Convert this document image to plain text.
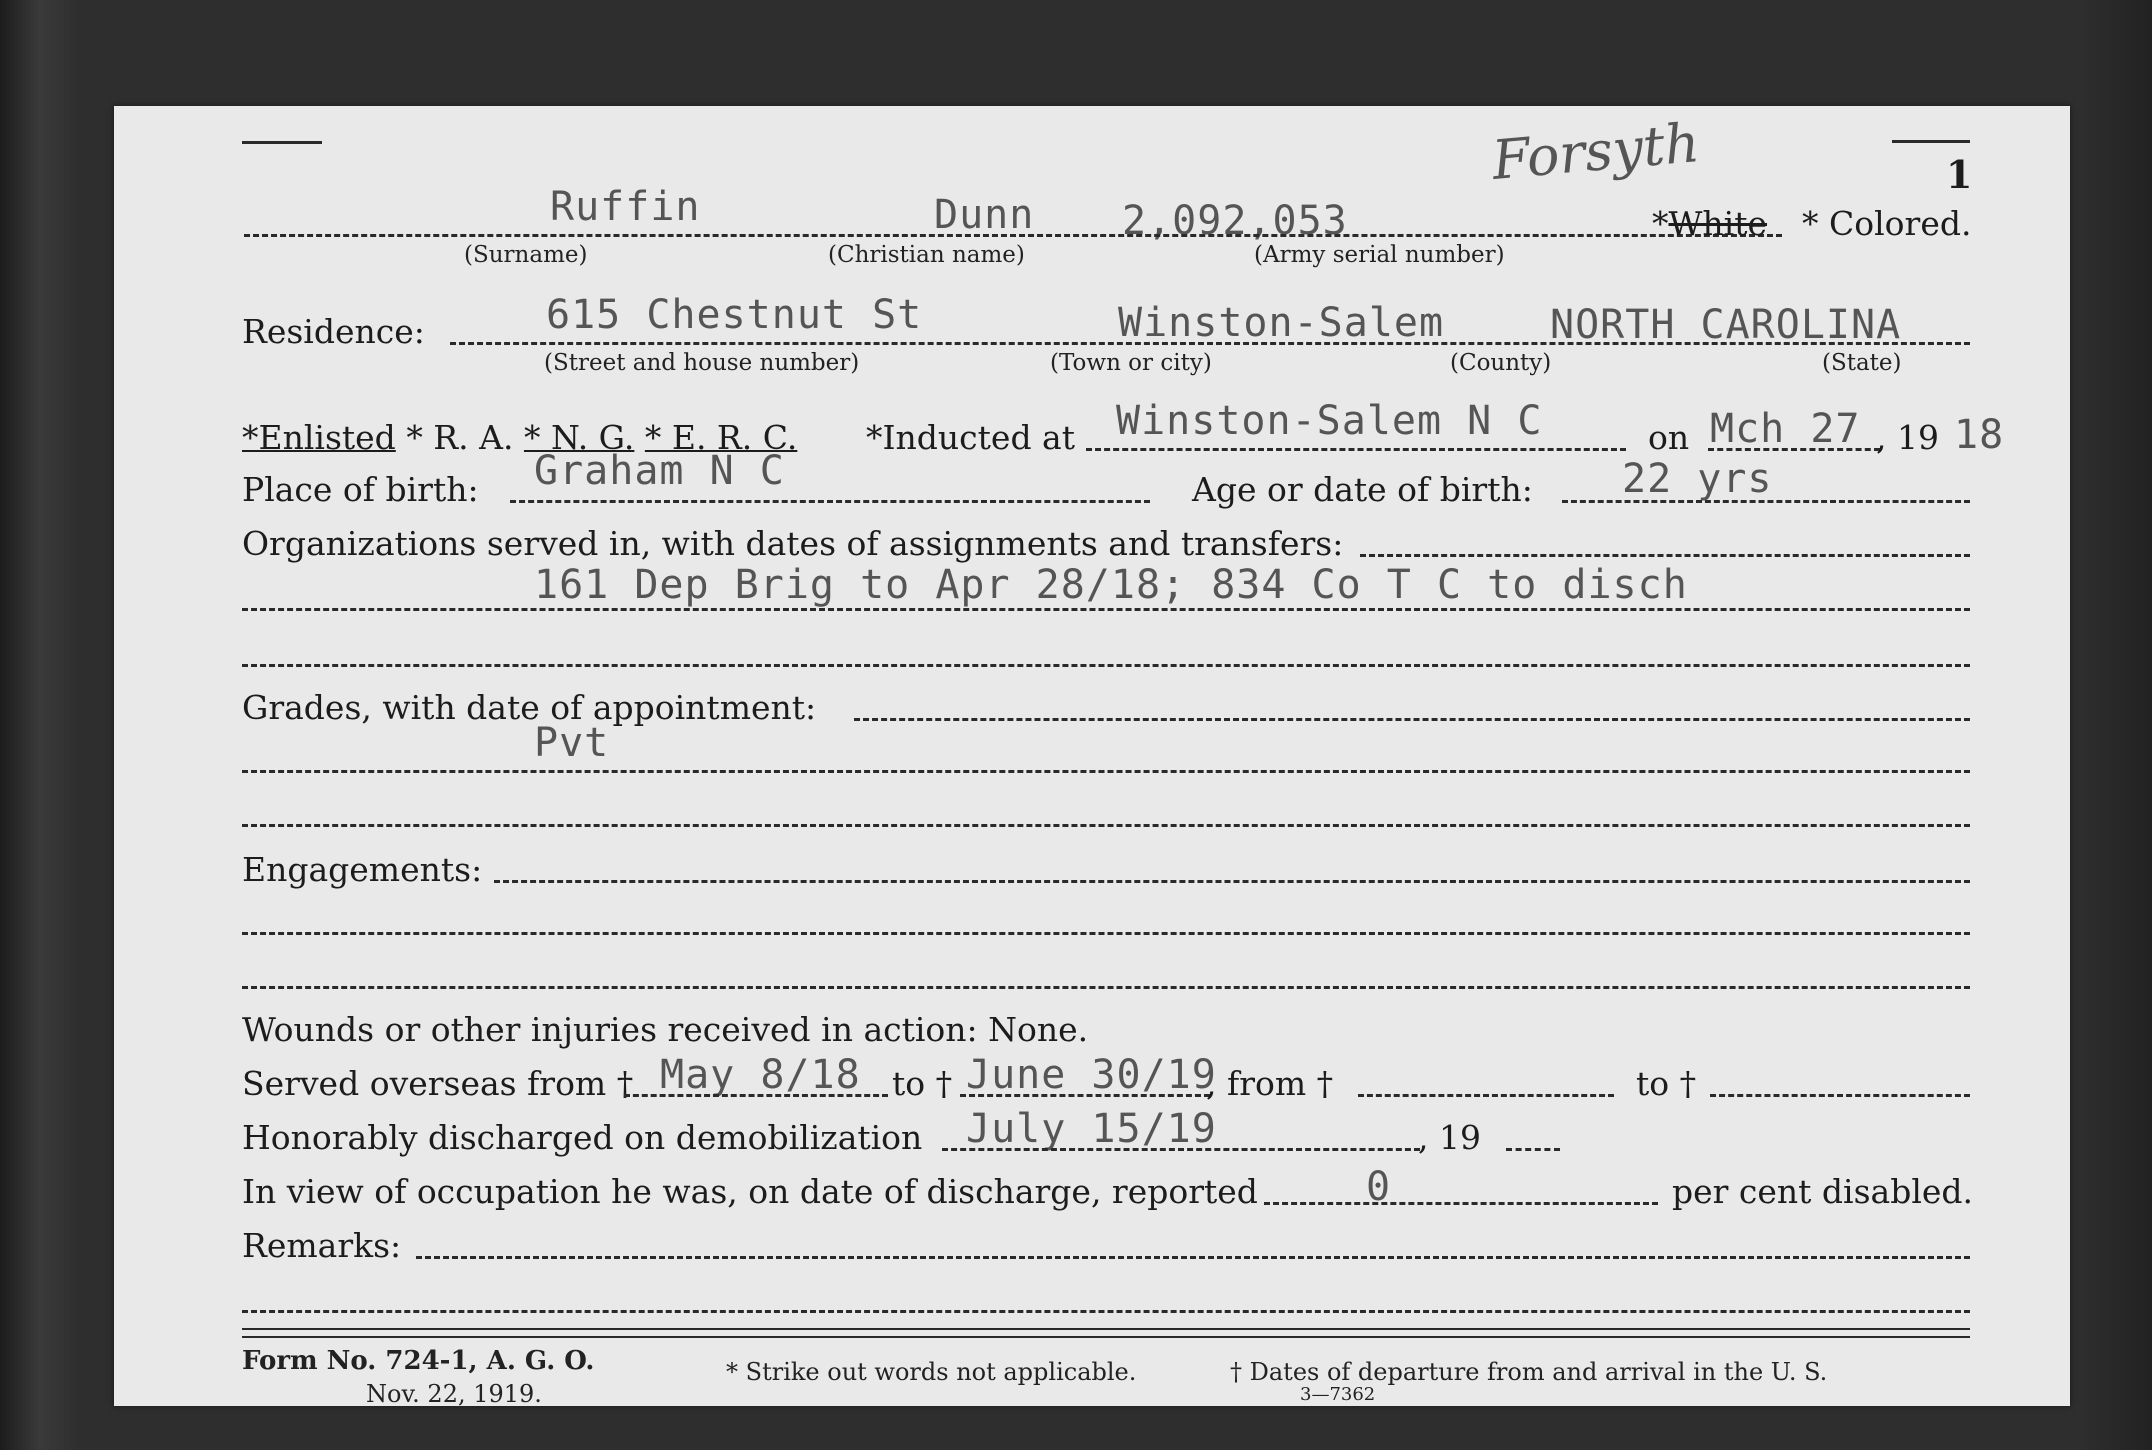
1
Forsyth
Ruffin	Dunn 2,092,053	*White * Colored.
(Surname)	(Christian name)	(Army serial number)
Residence:	615 Chestnut St	Winston-Salem	NORTH CAROLINA
(Street and house number)	(Town or city)	(County)	(State)
*Enlisted * R. A. * N. G. * E. R. C. *Inducted at Winston-Salem N C	on Mch 27 , 19 18
Place of birth: Graham N C	Age or date of birth: 22 yrs
Organizations served in, with dates of assignments and transfers:
161 Dep Brig to Apr 28/18; 834 Co T C to disch
Grades, with date of appointment:
Pvt
Engagements:
Wounds or other injuries received in action: None.
Served overseas from † May 8/18 to † June 30/19
, from †	to †
Honorably discharged on demobilization July 15/19	, 19
In view of occupation he was, on date of discharge, reported	0	per cent disabled.
Remarks:
Form No. 724-1, A. G. O.
Nov. 22, 1919.
* Strike out words not applicable.	† Dates of departure from and arrival in the U. S.
3—7362
